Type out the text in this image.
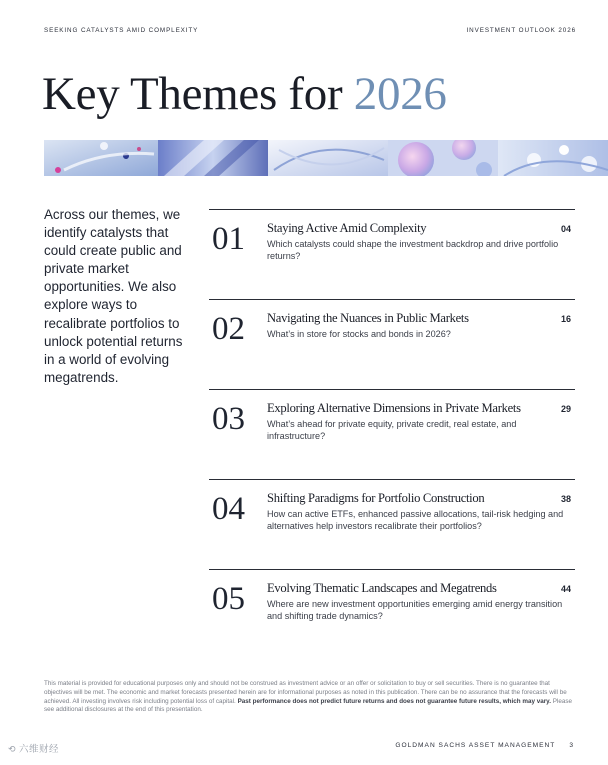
SEEKING CATALYSTS AMID COMPLEXITY	INVESTMENT OUTLOOK 2026
Key Themes for 2026

Across our themes, we identify catalysts that could create public and private market opportunities. We also explore ways to recalibrate portfolios to unlock potential returns in a world of evolving megatrends.

01 Staying Active Amid Complexity
Which catalysts could shape the investment backdrop and drive portfolio returns?
04
02 Navigating the Nuances in Public Markets
What’s in store for stocks and bonds in 2026?
16
03 Exploring Alternative Dimensions in Private Markets
What’s ahead for private equity, private credit, real estate, and infrastructure?
29
04 Shifting Paradigms for Portfolio Construction
How can active ETFs, enhanced passive allocations, tail-risk hedging and alternatives help investors recalibrate their portfolios?
38
05 Evolving Thematic Landscapes and Megatrends
Where are new investment opportunities emerging amid energy transition and shifting trade dynamics?
44

This material is provided for educational purposes only and should not be construed as investment advice or an offer or solicitation to buy or sell securities. There is no guarantee that objectives will be met. The economic and market forecasts presented herein are for informational purposes as noted in this publication. There can be no assurance that the forecasts will be achieved. All investing involves risk including potential loss of capital. Past performance does not predict future returns and does not guarantee future results, which may vary. Please see additional disclosures at the end of this presentation.

⟲ 六维财经	GOLDMAN SACHS ASSET MANAGEMENT 3
